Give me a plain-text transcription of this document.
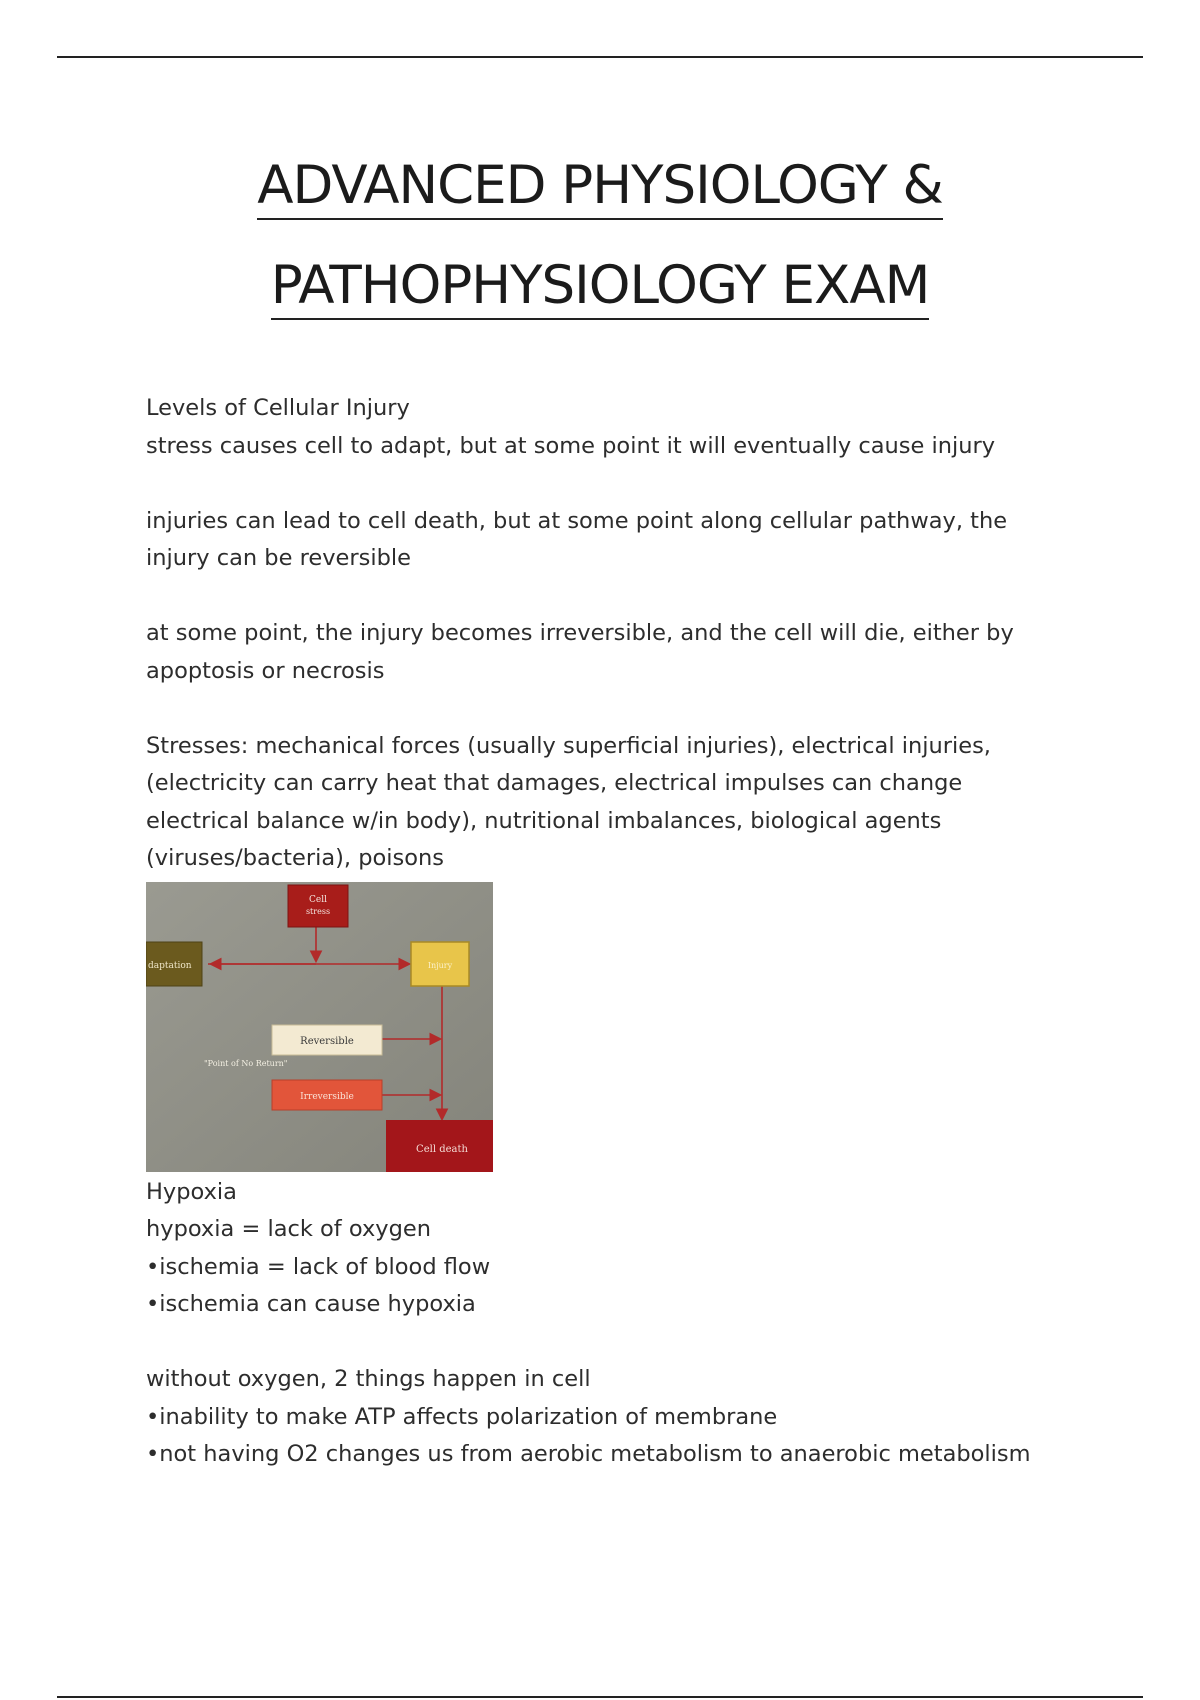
ADVANCED PHYSIOLOGY &
PATHOPHYSIOLOGY EXAM

Levels of Cellular Injury

stress causes cell to adapt, but at some point it will eventually cause injury

injuries can lead to cell death, but at some point along cellular pathway, the injury can be reversible

at some point, the injury becomes irreversible, and the cell will die, either by apoptosis or necrosis

Stresses: mechanical forces (usually superficial injuries), electrical injuries, (electricity can carry heat that damages, electrical impulses can change electrical balance w/in body), nutritional imbalances, biological agents (viruses/bacteria), poisons

Cell
stress
daptation	Injury
Reversible
"Point of No Return"
Irreversible
Cell death

Hypoxia

hypoxia = lack of oxygen

•ischemia = lack of blood flow

•ischemia can cause hypoxia

without oxygen, 2 things happen in cell

•inability to make ATP affects polarization of membrane

•not having O2 changes us from aerobic metabolism to anaerobic metabolism
